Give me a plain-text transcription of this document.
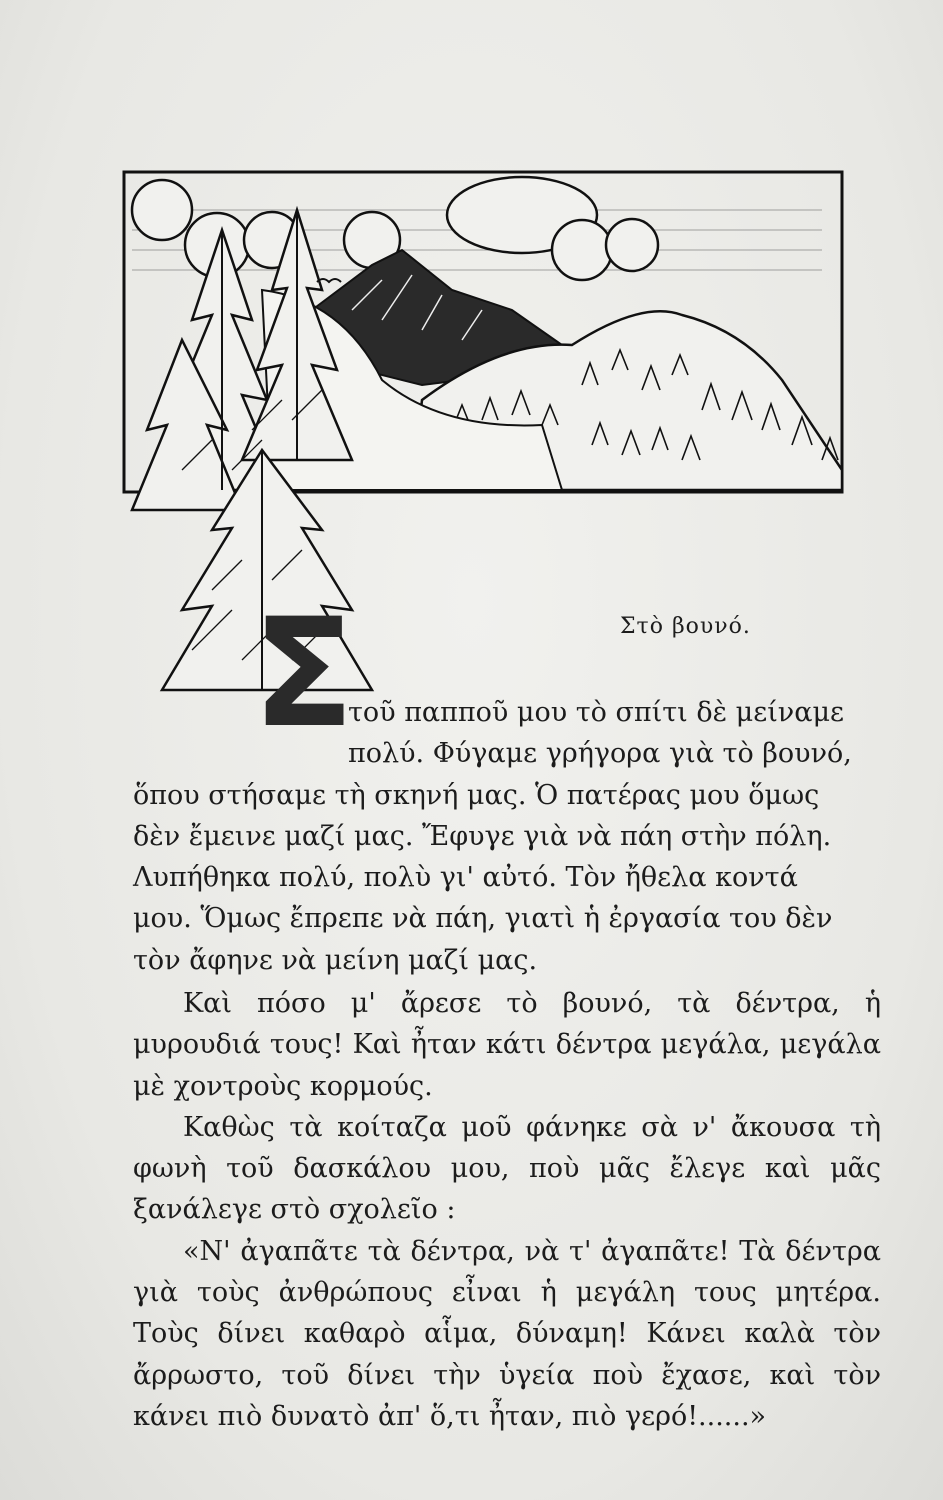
Σ	Στὸ βουνό.
τοῦ παπποῦ μου τὸ σπίτι δὲ μείναμε
πολύ. Φύγαμε γρήγορα γιὰ τὸ βουνό,
ὅπου στήσαμε τὴ σκηνή μας. Ὁ πατέρας μου ὅμως
δὲν ἔμεινε μαζί μας. Ἔφυγε γιὰ νὰ πάη στὴν πόλη.
Λυπήθηκα πολύ, πολὺ γι' αὐτό. Τὸν ἤθελα κοντά
μου. Ὅμως ἔπρεπε νὰ πάη, γιατὶ ἡ ἐργασία του δὲν
τὸν ἄφηνε νὰ μείνη μαζί μας.

Καὶ πόσο μ' ἄρεσε τὸ βουνό, τὰ δέντρα, ἡ μυρουδιά τους! Καὶ ἦταν κάτι δέντρα μεγάλα, μεγάλα μὲ χοντροὺς κορμούς.

Καθὼς τὰ κοίταζα μοῦ φάνηκε σὰ ν' ἄκουσα τὴ φωνὴ τοῦ δασκάλου μου, ποὺ μᾶς ἔλεγε καὶ μᾶς ξανάλεγε στὸ σχολεῖο :

«Ν' ἀγαπᾶτε τὰ δέντρα, νὰ τ' ἀγαπᾶτε! Τὰ δέντρα γιὰ τοὺς ἀνθρώπους εἶναι ἡ μεγάλη τους μητέρα. Τοὺς δίνει καθαρὸ αἷμα, δύναμη! Κάνει καλὰ τὸν ἄρρωστο, τοῦ δίνει τὴν ὑγεία ποὺ ἔχασε, καὶ τὸν κάνει πιὸ δυνατὸ ἀπ' ὅ,τι ἦταν, πιὸ γερό!......»
